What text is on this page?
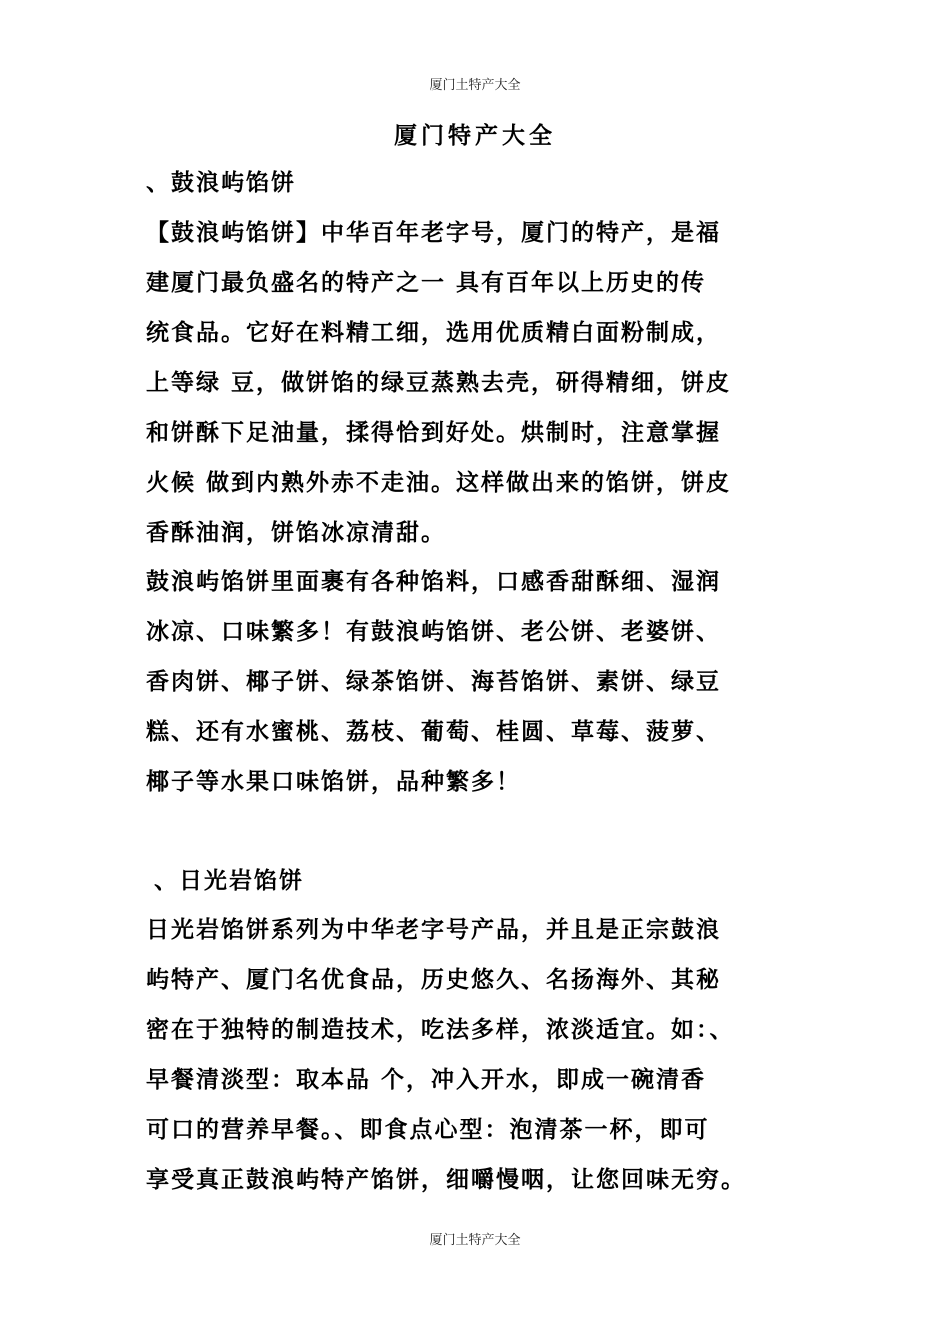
厦门土特产大全
厦门特产大全
、鼓浪屿馅饼
【鼓浪屿馅饼】中华百年老字号，厦门的特产，是福
建厦门最负盛名的特产之一 具有百年以上历史的传
统食品。它好在料精工细，选用优质精白面粉制成，
上等绿 豆，做饼馅的绿豆蒸熟去壳，研得精细，饼皮
和饼酥下足油量，揉得恰到好处。烘制时，注意掌握
火候 做到内熟外赤不走油。这样做出来的馅饼，饼皮
香酥油润，饼馅冰凉清甜。
鼓浪屿馅饼里面裹有各种馅料，口感香甜酥细、湿润
冰凉、口味繁多！有鼓浪屿馅饼、老公饼、老婆饼、
香肉饼、椰子饼、绿茶馅饼、海苔馅饼、素饼、绿豆
糕、还有水蜜桃、荔枝、葡萄、桂圆、草莓、菠萝、
椰子等水果口味馅饼，品种繁多！
、日光岩馅饼
日光岩馅饼系列为中华老字号产品，并且是正宗鼓浪
屿特产、厦门名优食品，历史悠久、名扬海外、其秘
密在于独特的制造技术，吃法多样，浓淡适宜。如：、
早餐清淡型：取本品 个，冲入开水，即成一碗清香
可口的营养早餐。、即食点心型：泡清茶一杯，即可
享受真正鼓浪屿特产馅饼，细嚼慢咽，让您回味无穷。
厦门土特产大全
